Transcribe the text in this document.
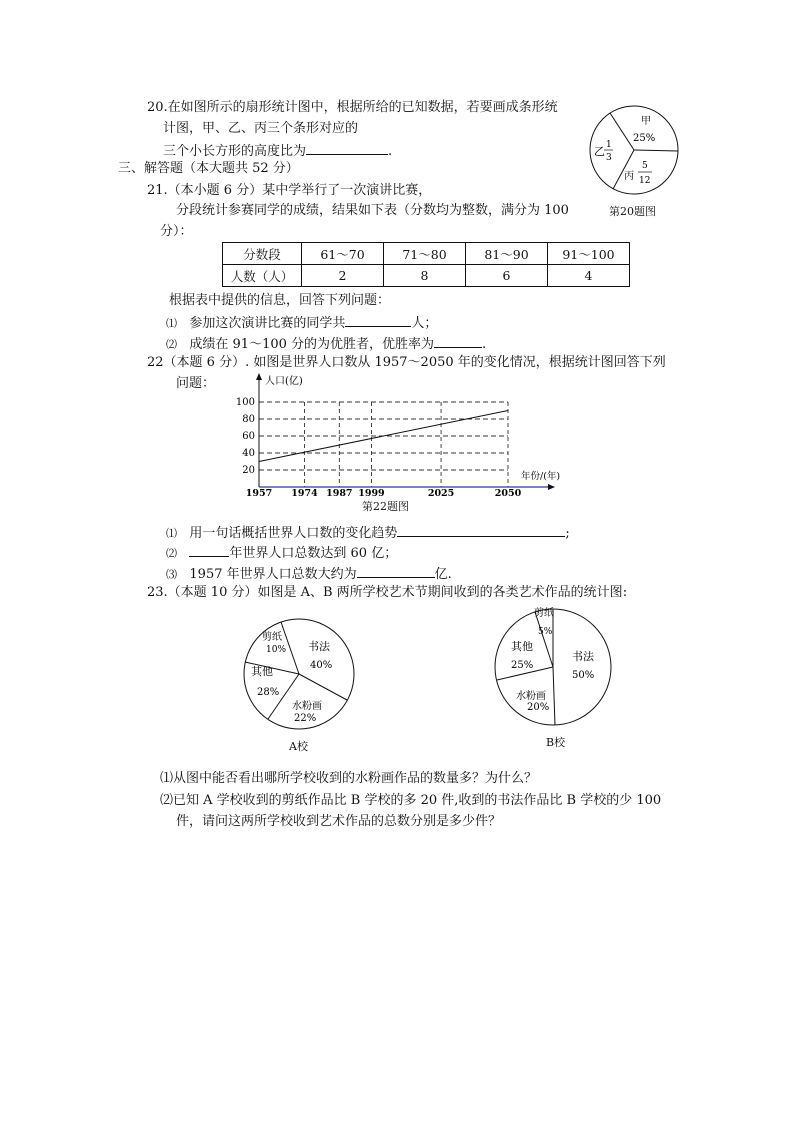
20.在如图所示的扇形统计图中，根据所给的已知数据，若要画成条形统
计图，甲、乙、丙三个条形对应的
三个小长方形的高度比为	.
甲
25%
乙 1
3
丙
5
12
第20题图
三、解答题（本大题共 52 分）
21.（本小题 6 分）某中学举行了一次演讲比赛，
分段统计参赛同学的成绩，结果如下表（分数均为整数，满分为 100
分）：
分数段	61～70	71～80	81～90	91～100
人数（人）	2	8	6	4
根据表中提供的信息，回答下列问题：
⑴ 参加这次演讲比赛的同学共	人；
⑵ 成绩在 91～100 分的为优胜者，优胜率为	.
22（本题 6 分）. 如图是世界人口数从 1957～2050 年的变化情况，根据统计图回答下列
问题：
20
40
60
80
100
1957 1974 1987 1999	2025	2050
人口(亿)
年份/(年)
第22题图
⑴ 用一句话概括世界人口数的变化趋势	;
⑵	年世界人口总数达到 60 亿；
⑶ 1957 年世界人口总数大约为	亿.
23.（本题 10 分）如图是 A、B 两所学校艺术节期间收到的各类艺术作品的统计图:
书法
40%
水粉画
22%
其他
28%
剪纸
10%
A校
书法
50%
水粉画
20%
其他
25%
剪纸
5%
B校
⑴从图中能否看出哪所学校收到的水粉画作品的数量多？为什么？
⑵已知 A 学校收到的剪纸作品比 B 学校的多 20 件,收到的书法作品比 B 学校的少 100
件，请问这两所学校收到艺术作品的总数分别是多少件？
